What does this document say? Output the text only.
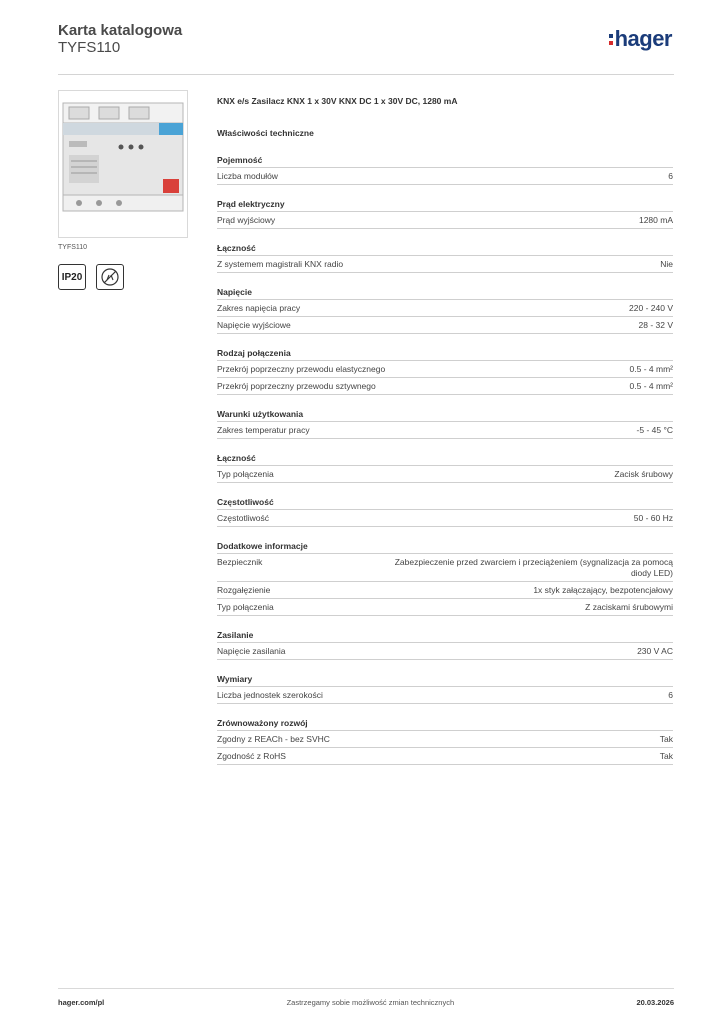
Karta katalogowa
TYFS110	hager
TYFS110
IP20
KNX e/s Zasilacz KNX 1 x 30V KNX DC 1 x 30V DC, 1280 mA
Właściwości techniczne
Pojemność
Liczba modułów	6
Prąd elektryczny
Prąd wyjściowy	1280 mA
Łączność
Z systemem magistrali KNX radio	Nie
Napięcie
Zakres napięcia pracy	220 - 240 V
Napięcie wyjściowe	28 - 32 V
Rodzaj połączenia
Przekrój poprzeczny przewodu elastycznego	0.5 - 4 mm²
Przekrój poprzeczny przewodu sztywnego	0.5 - 4 mm²
Warunki użytkowania
Zakres temperatur pracy	-5 - 45 °C
Łączność
Typ połączenia	Zacisk śrubowy
Częstotliwość
Częstotliwość	50 - 60 Hz
Dodatkowe informacje
Bezpiecznik	Zabezpieczenie przed zwarciem i przeciążeniem (sygnalizacja za pomocą diody LED)
Rozgałęzienie	1x styk załączający, bezpotencjałowy
Typ połączenia	Z zaciskami śrubowymi
Zasilanie
Napięcie zasilania	230 V AC
Wymiary
Liczba jednostek szerokości	6
Zrównoważony rozwój
Zgodny z REACh - bez SVHC	Tak
Zgodność z RoHS	Tak
hager.com/pl	Zastrzegamy sobie możliwość zmian technicznych	20.03.2026
